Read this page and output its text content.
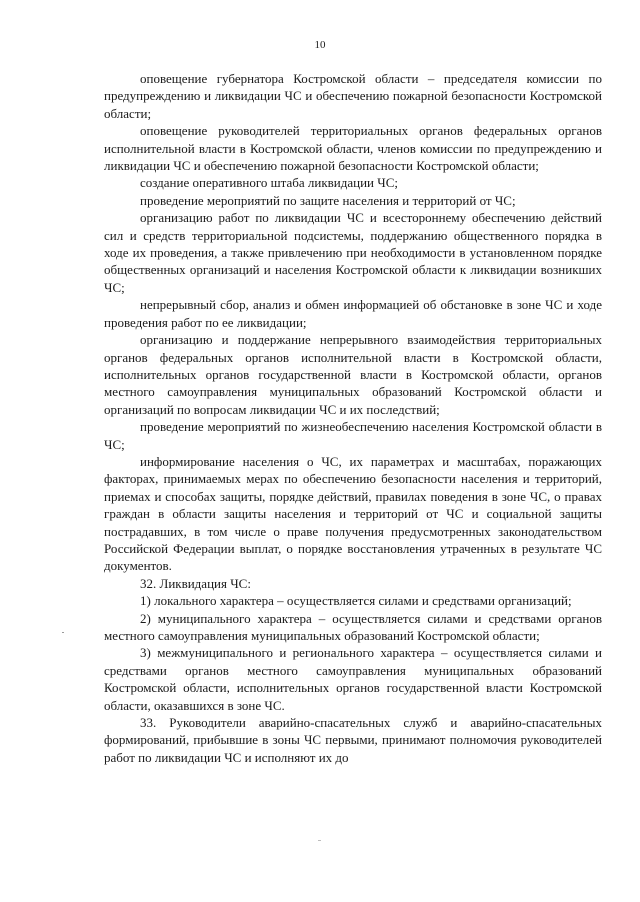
10

оповещение губернатора Костромской области – председателя комиссии по предупреждению и ликвидации ЧС и обеспечению пожарной безопасности Костромской области;

оповещение руководителей территориальных органов федеральных органов исполнительной власти в Костромской области, членов комиссии по предупреждению и ликвидации ЧС и обеспечению пожарной безопасности Костромской области;

создание оперативного штаба ликвидации ЧС;

проведение мероприятий по защите населения и территорий от ЧС;

организацию работ по ликвидации ЧС и всестороннему обеспечению действий сил и средств территориальной подсистемы, поддержанию общественного порядка в ходе их проведения, а также привлечению при необходимости в установленном порядке общественных организаций и населения Костромской области к ликвидации возникших ЧС;

непрерывный сбор, анализ и обмен информацией об обстановке в зоне ЧС и ходе проведения работ по ее ликвидации;

организацию и поддержание непрерывного взаимодействия территориальных органов федеральных органов исполнительной власти в Костромской области, исполнительных органов государственной власти в Костромской области, органов местного самоуправления муниципальных образований Костромской области и организаций по вопросам ликвидации ЧС и их последствий;

проведение мероприятий по жизнеобеспечению населения Костромской области в ЧС;

информирование населения о ЧС, их параметрах и масштабах, поражающих факторах, принимаемых мерах по обеспечению безопасности населения и территорий, приемах и способах защиты, порядке действий, правилах поведения в зоне ЧС, о правах граждан в области защиты населения и территорий от ЧС и социальной защиты пострадавших, в том числе о праве получения предусмотренных законодательством Российской Федерации выплат, о порядке восстановления утраченных в результате ЧС документов.

32. Ликвидация ЧС:

1) локального характера – осуществляется силами и средствами организаций;

2) муниципального характера – осуществляется силами и средствами органов местного самоуправления муниципальных образований Костромской области;

3) межмуниципального и регионального характера – осуществляется силами и средствами органов местного самоуправления муниципальных образований Костромской области, исполнительных органов государственной власти Костромской области, оказавшихся в зоне ЧС.

33. Руководители аварийно-спасательных служб и аварийно-спасательных формирований, прибывшие в зоны ЧС первыми, принимают полномочия руководителей работ по ликвидации ЧС и исполняют их до
